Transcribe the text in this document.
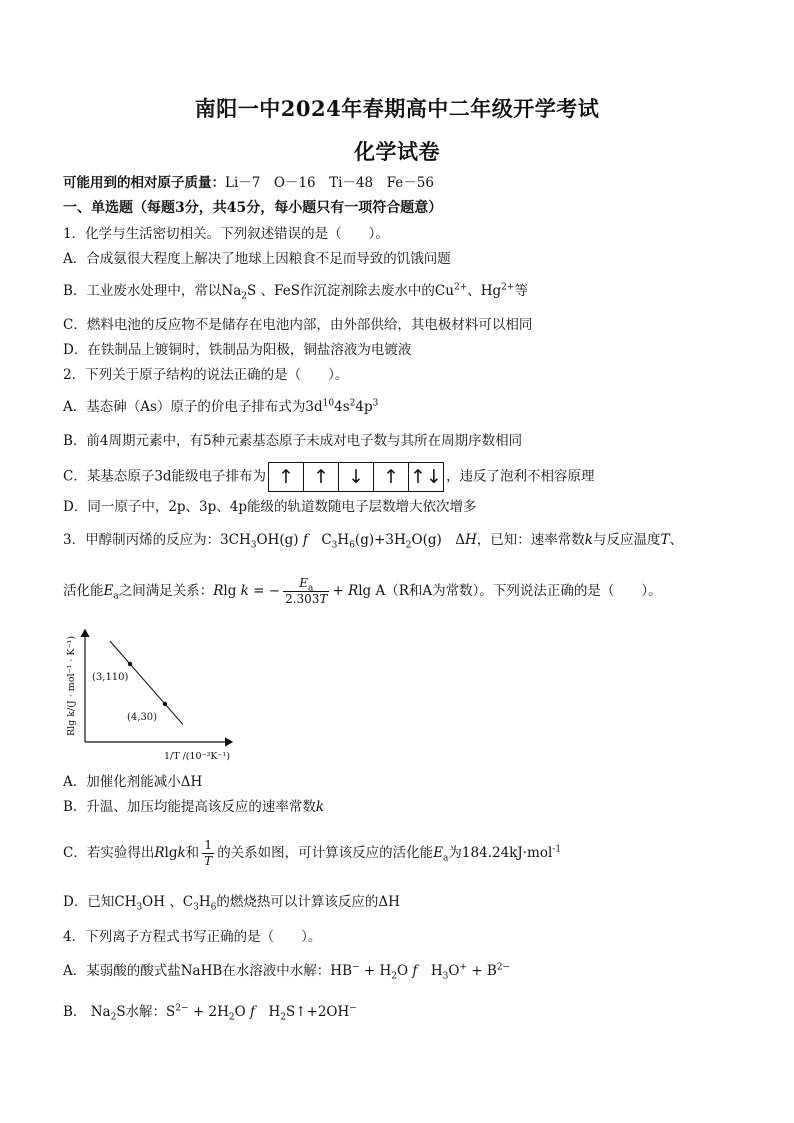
南阳一中2024年春期高中二年级开学考试
化学试卷
可能用到的相对原子质量：Li－7　O－16　Ti－48　Fe－56
一、单选题（每题3分，共45分，每小题只有一项符合题意）
1．化学与生活密切相关。下列叙述错误的是（　　）。
A．合成氨很大程度上解决了地球上因粮食不足而导致的饥饿问题
B．工业废水处理中，常以$Na_2S$ 、FeS作沉淀剂除去废水中的$Cu^{2+}$、$Hg^{2+}$等
C．燃料电池的反应物不是储存在电池内部，由外部供给，其电极材料可以相同
D．在铁制品上镀铜时，铁制品为阳极，铜盐溶液为电镀液
2．下列关于原子结构的说法正确的是（　　）。
A．基态砷（As）原子的价电子排布式为$3d^{10}4s^24p^3$
B．前4周期元素中，有5种元素基态原子未成对电子数与其所在周期序数相同
C．某基态原子3d能级电子排布为 ↑	↑	↓	↑ ↑↓ ，违反了泡利不相容原理
D．同一原子中，2p、3p、4p能级的轨道数随电子层数增大依次增多
3．甲醇制丙烯的反应为：$3CH_3OH(g)$ f　$C_3H_6(g)+3H_2O(g)$　ΔH，已知：速率常数k与反应温度T、
活化能$E_a$之间满足关系：Rlg k = − $\frac{E_a}{2.303T} + Rlg$ A（R和A为常数）。下列说法正确的是（　　）。
(3,110)
(4,30)
Rlg k/(J · mol⁻¹ · K⁻¹)
1/T /(10⁻³K⁻¹)
A．加催化剂能减小ΔH
B．升温、加压均能提高该反应的速率常数k
C．若实验得出Rlgk和 $\frac{1}{T}$ 的关系如图，可计算该反应的活化能$E_a$为184.24kJ·mol$^{-1}$
D．已知$CH_3OH$ 、$C_3H_6$的燃烧热可以计算该反应的ΔH
4．下列离子方程式书写正确的是（　　）。
A．某弱酸的酸式盐NaHB在水溶液中水解：$HB^- + H_2O$ f　 $H_3O^+ + B^{2-}$
B． $Na_2S$水解：$S^{2-} + 2H_2O$ f　 $H_2S↑+2OH^-$
